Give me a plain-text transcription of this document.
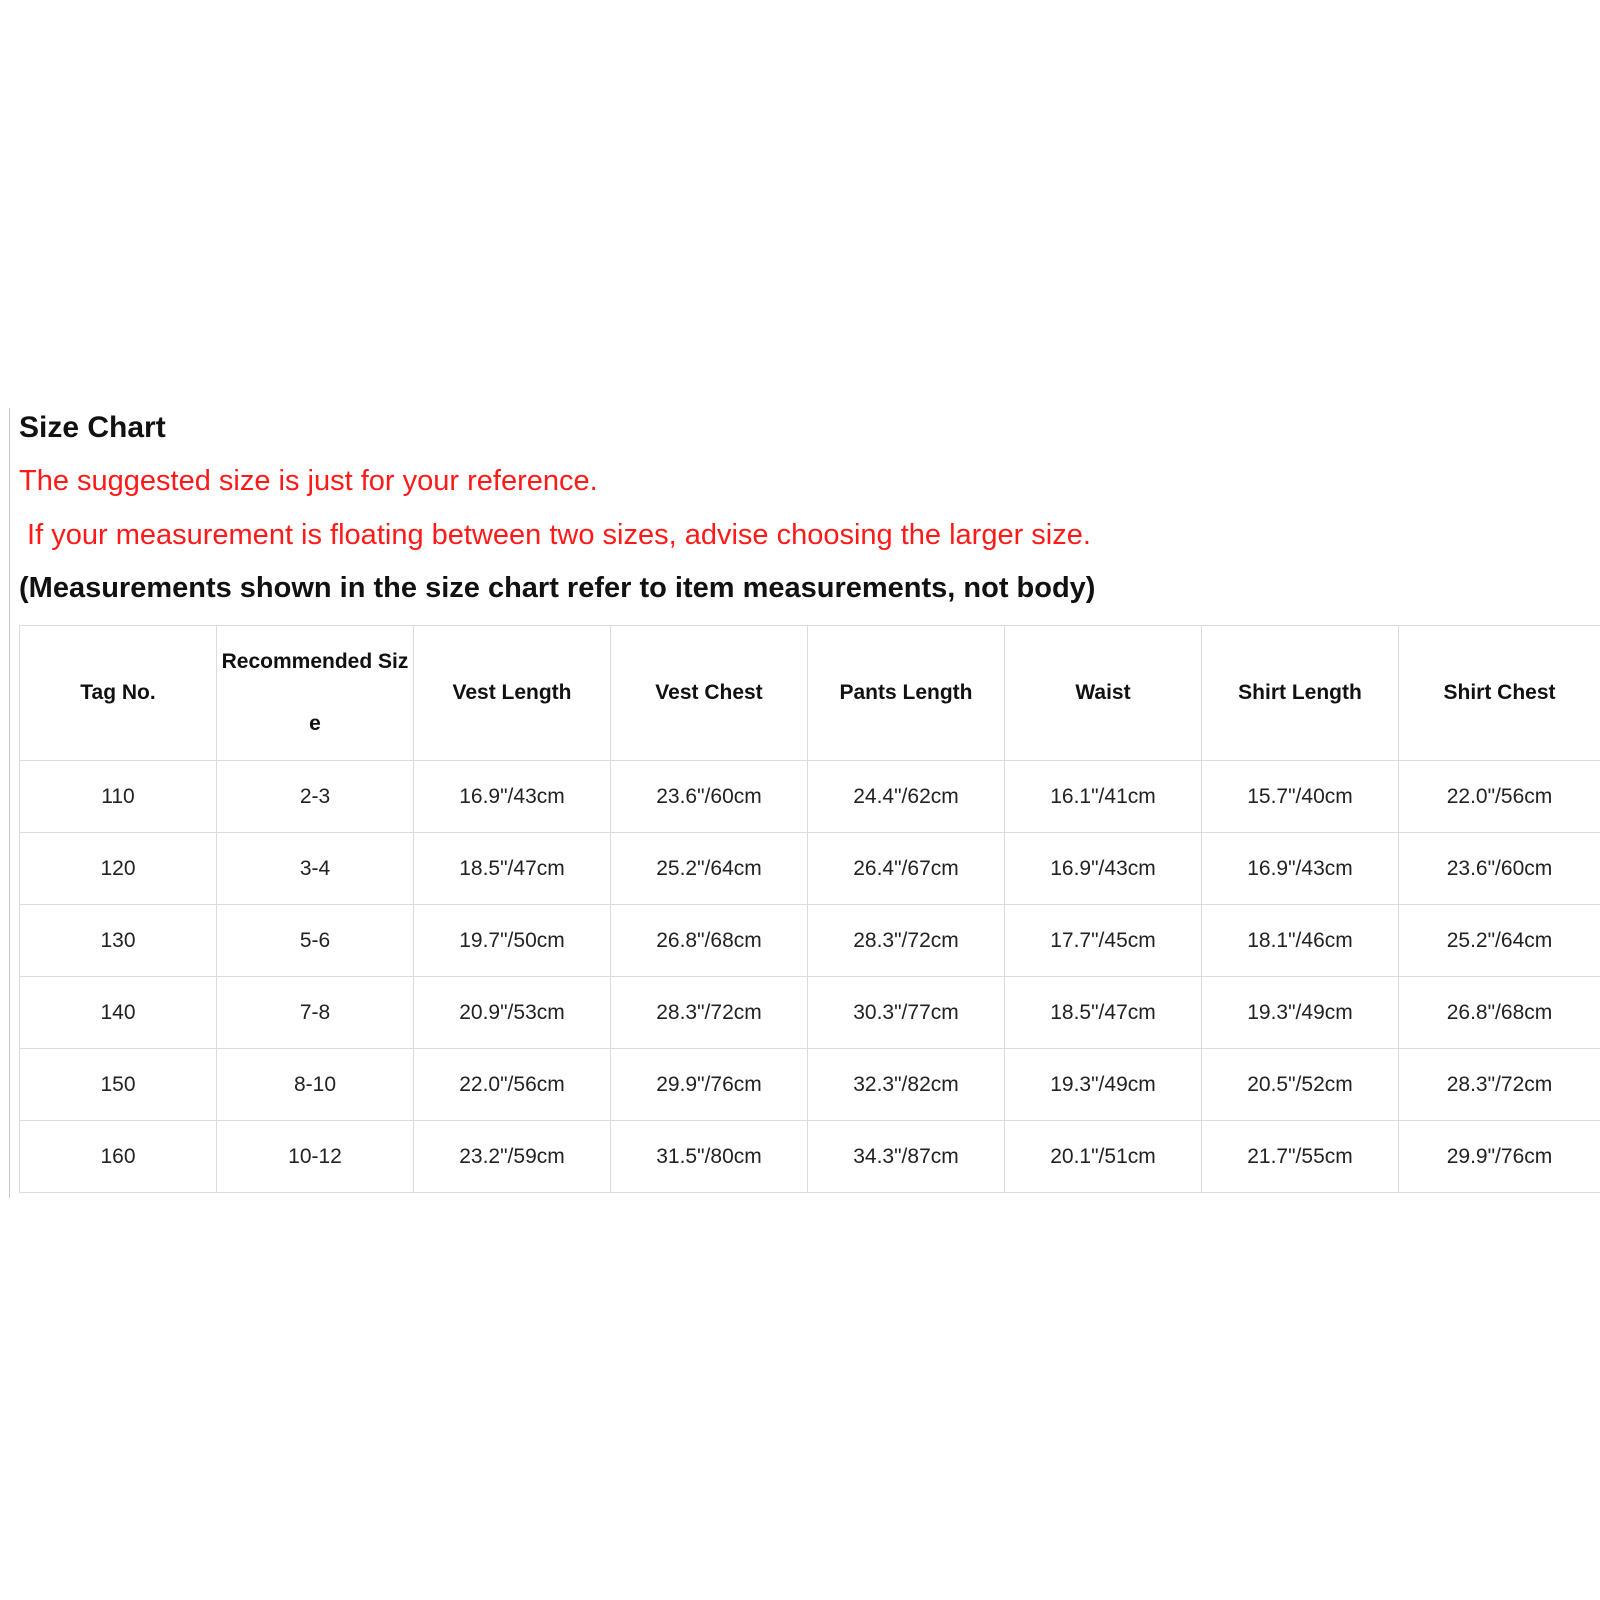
Size Chart

The suggested size is just for your reference.

If your measurement is floating between two sizes, advise choosing the larger size.

(Measurements shown in the size chart refer to item measurements, not body)

Tag No.	Recommended Size	Vest Length	Vest Chest	Pants Length	Waist	Shirt Length	Shirt Chest
110	2-3	16.9"/43cm	23.6"/60cm	24.4"/62cm	16.1"/41cm	15.7"/40cm	22.0"/56cm
120	3-4	18.5"/47cm	25.2"/64cm	26.4"/67cm	16.9"/43cm	16.9"/43cm	23.6"/60cm
130	5-6	19.7"/50cm	26.8"/68cm	28.3"/72cm	17.7"/45cm	18.1"/46cm	25.2"/64cm
140	7-8	20.9"/53cm	28.3"/72cm	30.3"/77cm	18.5"/47cm	19.3"/49cm	26.8"/68cm
150	8-10	22.0"/56cm	29.9"/76cm	32.3"/82cm	19.3"/49cm	20.5"/52cm	28.3"/72cm
160	10-12	23.2"/59cm	31.5"/80cm	34.3"/87cm	20.1"/51cm	21.7"/55cm	29.9"/76cm
